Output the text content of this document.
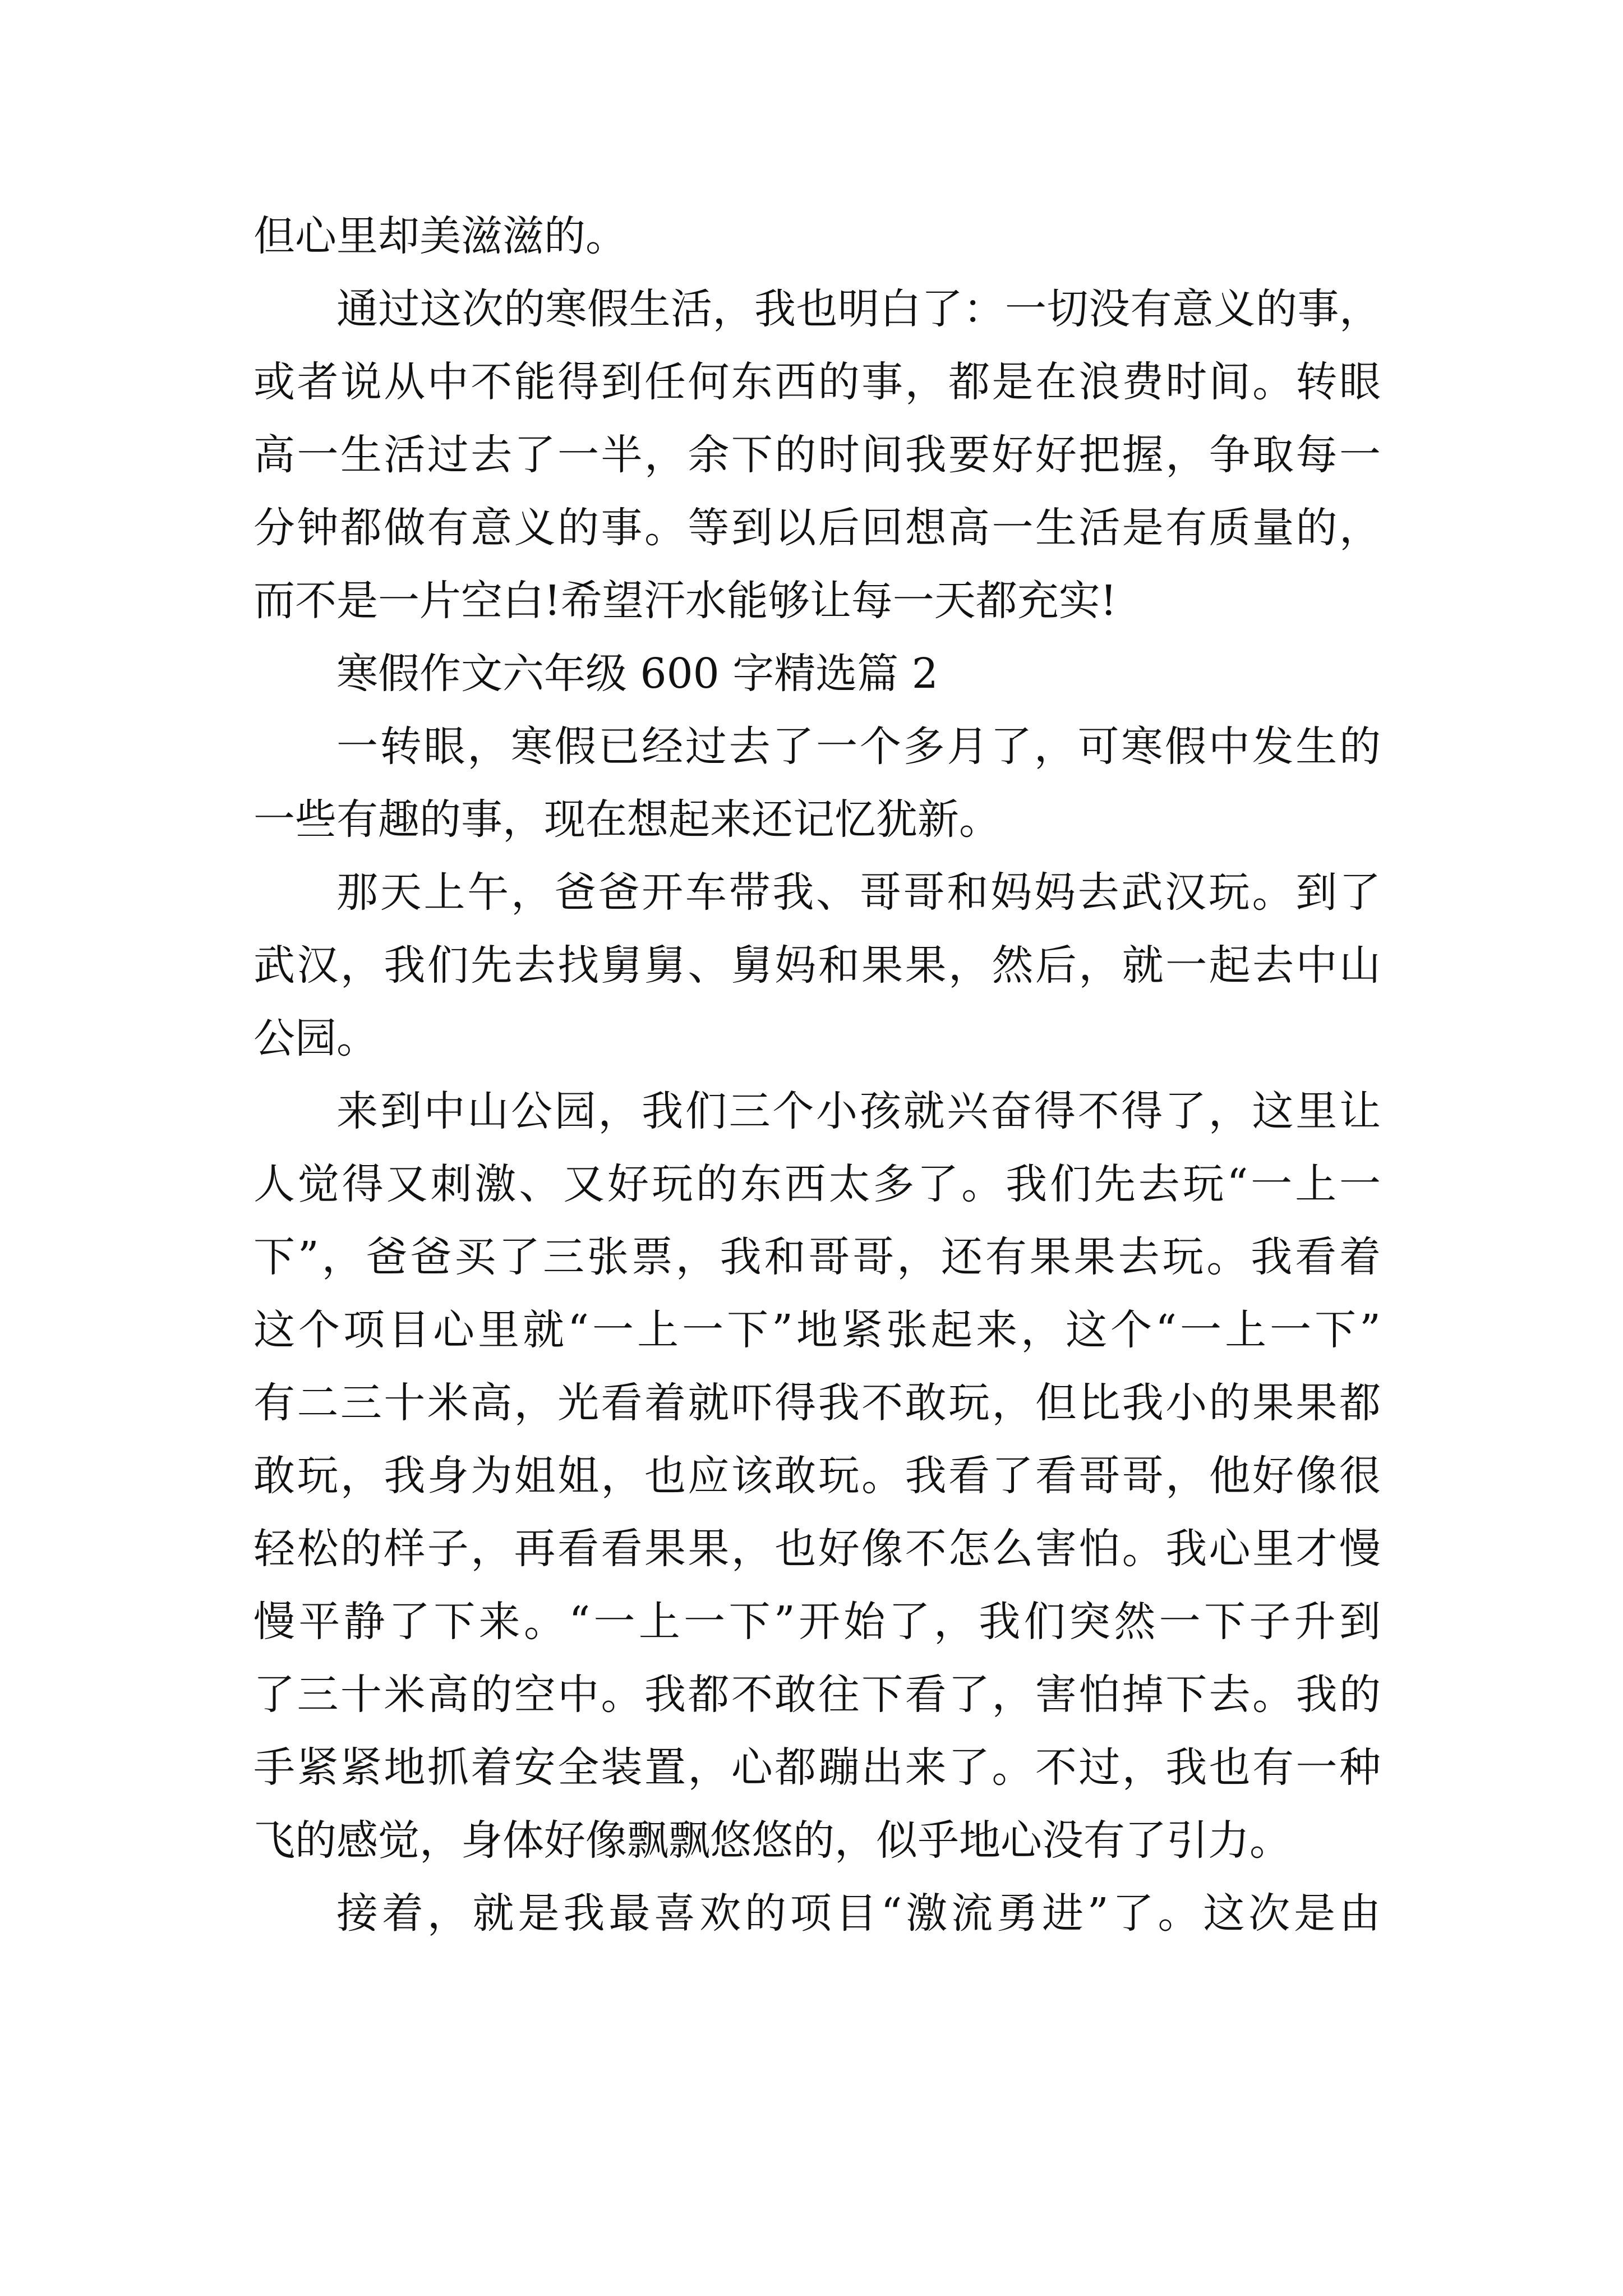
但心里却美滋滋的。
通过这次的寒假生活，我也明白了：一切没有意义的事，
或者说从中不能得到任何东西的事，都是在浪费时间。转眼
高一生活过去了一半，余下的时间我要好好把握，争取每一
分钟都做有意义的事。等到以后回想高一生活是有质量的，
而不是一片空白!希望汗水能够让每一天都充实!
寒假作文六年级 600 字精选篇 2
一转眼，寒假已经过去了一个多月了，可寒假中发生的
一些有趣的事，现在想起来还记忆犹新。
那天上午，爸爸开车带我、哥哥和妈妈去武汉玩。到了
武汉，我们先去找舅舅、舅妈和果果，然后，就一起去中山
公园。
来到中山公园，我们三个小孩就兴奋得不得了，这里让
人觉得又刺激、又好玩的东西太多了。我们先去玩“一上一
下”，爸爸买了三张票，我和哥哥，还有果果去玩。我看着
这个项目心里就“一上一下”地紧张起来，这个“一上一下”
有二三十米高，光看着就吓得我不敢玩，但比我小的果果都
敢玩，我身为姐姐，也应该敢玩。我看了看哥哥，他好像很
轻松的样子，再看看果果，也好像不怎么害怕。我心里才慢
慢平静了下来。“一上一下”开始了，我们突然一下子升到
了三十米高的空中。我都不敢往下看了，害怕掉下去。我的
手紧紧地抓着安全装置，心都蹦出来了。不过，我也有一种
飞的感觉，身体好像飘飘悠悠的，似乎地心没有了引力。
接着，就是我最喜欢的项目“激流勇进”了。这次是由
